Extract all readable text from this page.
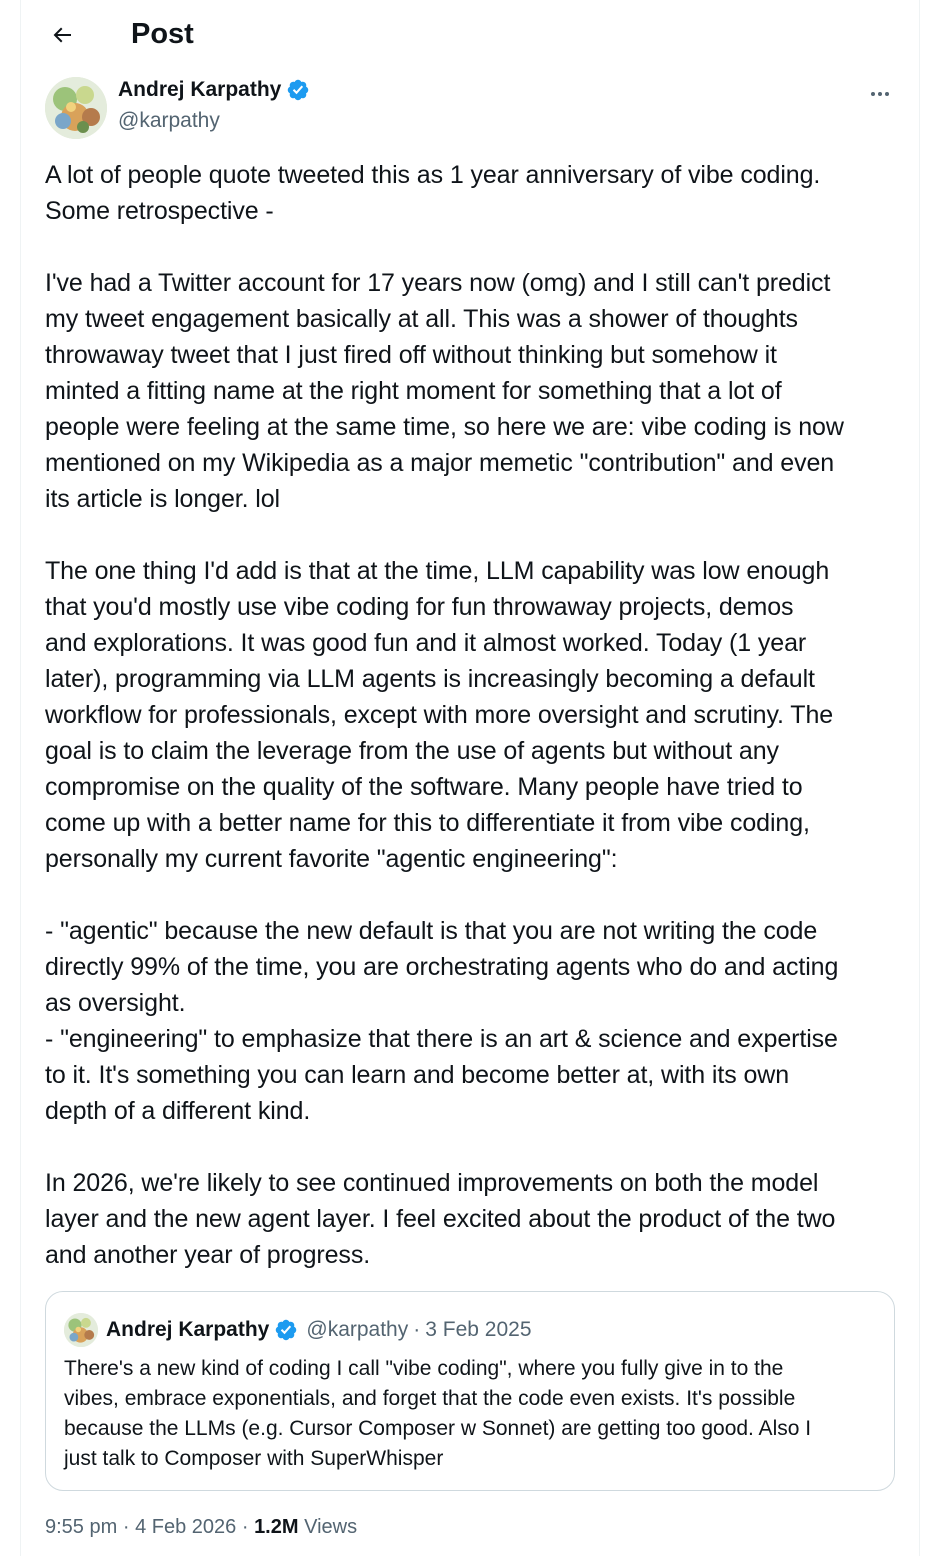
Post
Andrej Karpathy
@karpathy
A lot of people quote tweeted this as 1 year anniversary of vibe coding.
Some retrospective -

I've had a Twitter account for 17 years now (omg) and I still can't predict
my tweet engagement basically at all. This was a shower of thoughts
throwaway tweet that I just fired off without thinking but somehow it
minted a fitting name at the right moment for something that a lot of
people were feeling at the same time, so here we are: vibe coding is now
mentioned on my Wikipedia as a major memetic "contribution" and even
its article is longer. lol

The one thing I'd add is that at the time, LLM capability was low enough
that you'd mostly use vibe coding for fun throwaway projects, demos
and explorations. It was good fun and it almost worked. Today (1 year
later), programming via LLM agents is increasingly becoming a default
workflow for professionals, except with more oversight and scrutiny. The
goal is to claim the leverage from the use of agents but without any
compromise on the quality of the software. Many people have tried to
come up with a better name for this to differentiate it from vibe coding,
personally my current favorite "agentic engineering":

- "agentic" because the new default is that you are not writing the code
directly 99% of the time, you are orchestrating agents who do and acting
as oversight.
- "engineering" to emphasize that there is an art & science and expertise
to it. It's something you can learn and become better at, with its own
depth of a different kind.

In 2026, we're likely to see continued improvements on both the model
layer and the new agent layer. I feel excited about the product of the two
and another year of progress.
Andrej Karpathy @karpathy · 3 Feb 2025
There's a new kind of coding I call "vibe coding", where you fully give in to the
vibes, embrace exponentials, and forget that the code even exists. It's possible
because the LLMs (e.g. Cursor Composer w Sonnet) are getting too good. Also I
just talk to Composer with SuperWhisper
9:55 pm · 4 Feb 2026 · 1.2M Views
